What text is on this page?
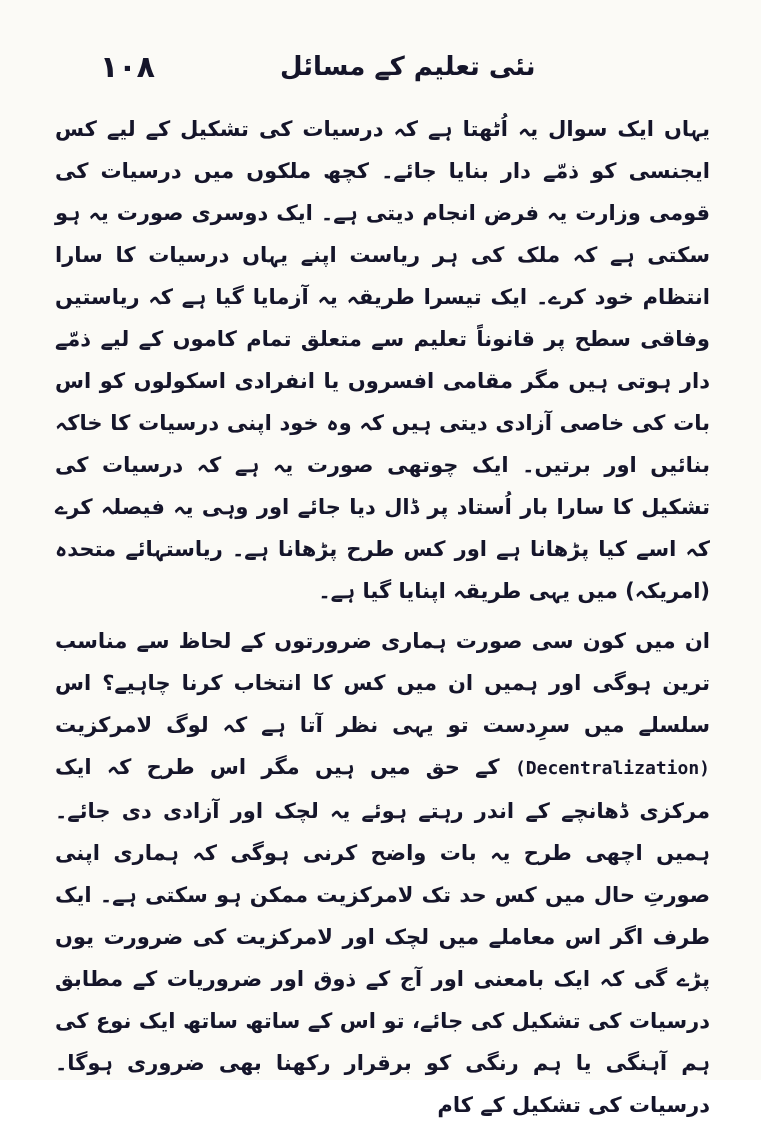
۱۰۸	نئی تعلیم کے مسائل

یہاں ایک سوال یہ اُٹھتا ہے کہ درسیات کی تشکیل کے لیے کس ایجنسی کو ذمّے دار بنایا جائے۔ کچھ ملکوں میں درسیات کی قومی وزارت یہ فرض انجام دیتی ہے۔ ایک دوسری صورت یہ ہو سکتی ہے کہ ملک کی ہر ریاست اپنے یہاں درسیات کا سارا انتظام خود کرے۔ ایک تیسرا طریقہ یہ آزمایا گیا ہے کہ ریاستیں وفاقی سطح پر قانوناً تعلیم سے متعلق تمام کاموں کے لیے ذمّے دار ہوتی ہیں مگر مقامی افسروں یا انفرادی اسکولوں کو اس بات کی خاصی آزادی دیتی ہیں کہ وہ خود اپنی درسیات کا خاکہ بنائیں اور برتیں۔ ایک چوتھی صورت یہ ہے کہ درسیات کی تشکیل کا سارا بار اُستاد پر ڈال دیا جائے اور وہی یہ فیصلہ کرے کہ اسے کیا پڑھانا ہے اور کس طرح پڑھانا ہے۔ ریاستہائے متحدہ (امریکہ) میں یہی طریقہ اپنایا گیا ہے۔

ان میں کون سی صورت ہماری ضرورتوں کے لحاظ سے مناسب ترین ہوگی اور ہمیں ان میں کس کا انتخاب کرنا چاہیے؟ اس سلسلے میں سرِدست تو یہی نظر آتا ہے کہ لوگ لامرکزیت (Decentralization) کے حق میں ہیں مگر اس طرح کہ ایک مرکزی ڈھانچے کے اندر رہتے ہوئے یہ لچک اور آزادی دی جائے۔ ہمیں اچھی طرح یہ بات واضح کرنی ہوگی کہ ہماری اپنی صورتِ حال میں کس حد تک لامرکزیت ممکن ہو سکتی ہے۔ ایک طرف اگر اس معاملے میں لچک اور لامرکزیت کی ضرورت یوں پڑے گی کہ ایک بامعنی اور آج کے ذوق اور ضروریات کے مطابق درسیات کی تشکیل کی جائے، تو اس کے ساتھ ساتھ ایک نوع کی ہم آہنگی یا ہم رنگی کو برقرار رکھنا بھی ضروری ہوگا۔ درسیات کی تشکیل کے کام
